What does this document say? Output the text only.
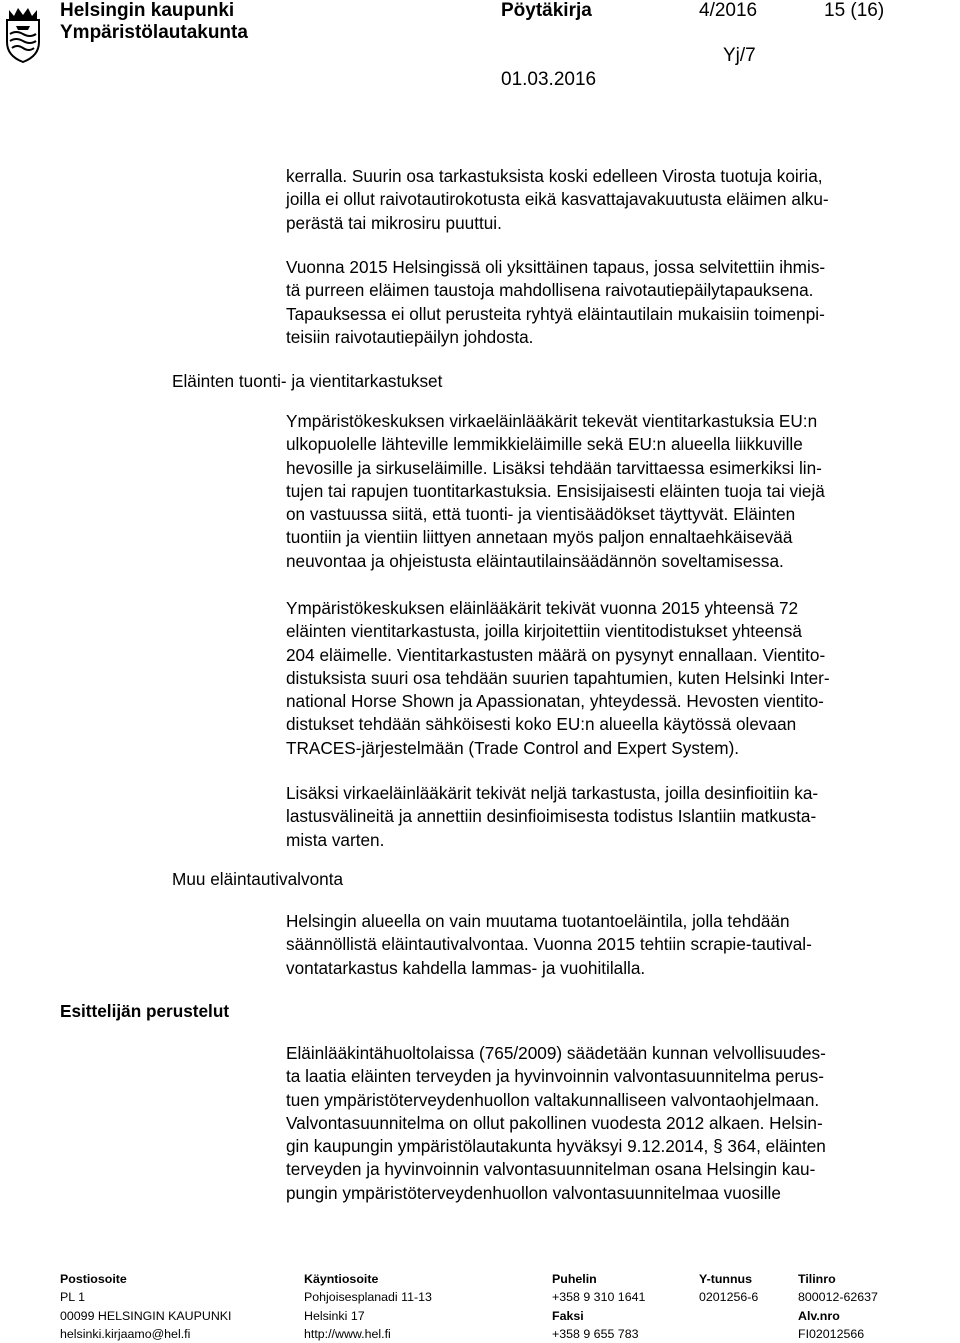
Helsingin kaupunki
Ympäristölautakunta
Pöytäkirja	4/2016	15 (16)
Yj/7
01.03.2016

kerralla. Suurin osa tarkastuksista koski edelleen Virosta tuotuja koiria,
joilla ei ollut raivotautirokotusta eikä kasvattajavakuutusta eläimen alku-
perästä tai mikrosiru puuttui.

Vuonna 2015 Helsingissä oli yksittäinen tapaus, jossa selvitettiin ihmis-
tä purreen eläimen taustoja mahdollisena raivotautiepäilytapauksena.

Tapauksessa ei ollut perusteita ryhtyä eläintautilain mukaisiin toimenpi-
teisiin raivotautiepäilyn johdosta.

Eläinten tuonti- ja vientitarkastukset

Ympäristökeskuksen virkaeläinlääkärit tekevät vientitarkastuksia EU:n
ulkopuolelle lähteville lemmikkieläimille sekä EU:n alueella liikkuville
hevosille ja sirkuseläimille. Lisäksi tehdään tarvittaessa esimerkiksi lin-
tujen tai rapujen tuontitarkastuksia. Ensisijaisesti eläinten tuoja tai viejä
on vastuussa siitä, että tuonti- ja vientisäädökset täyttyvät. Eläinten
tuontiin ja vientiin liittyen annetaan myös paljon ennaltaehkäisevää
neuvontaa ja ohjeistusta eläintautilainsäädännön soveltamisessa.

Ympäristökeskuksen eläinlääkärit tekivät vuonna 2015 yhteensä 72
eläinten vientitarkastusta, joilla kirjoitettiin vientitodistukset yhteensä
204 eläimelle. Vientitarkastusten määrä on pysynyt ennallaan. Vientito-
distuksista suuri osa tehdään suurien tapahtumien, kuten Helsinki Inter-
national Horse Shown ja Apassionatan, yhteydessä. Hevosten vientito-
distukset tehdään sähköisesti koko EU:n alueella käytössä olevaan
TRACES-järjestelmään (Trade Control and Expert System).

Lisäksi virkaeläinlääkärit tekivät neljä tarkastusta, joilla desinfioitiin ka-
lastusvälineitä ja annettiin desinfioimisesta todistus Islantiin matkusta-
mista varten.

Muu eläintautivalvonta

Helsingin alueella on vain muutama tuotantoeläintila, jolla tehdään
säännöllistä eläintautivalvontaa. Vuonna 2015 tehtiin scrapie-tautival-
vontatarkastus kahdella lammas- ja vuohitilalla.

Esittelijän perustelut

Eläinlääkintähuoltolaissa (765/2009) säädetään kunnan velvollisuudes-
ta laatia eläinten terveyden ja hyvinvoinnin valvontasuunnitelma perus-
tuen ympäristöterveydenhuollon valtakunnalliseen valvontaohjelmaan.
Valvontasuunnitelma on ollut pakollinen vuodesta 2012 alkaen. Helsin-
gin kaupungin ympäristölautakunta hyväksyi 9.12.2014, § 364, eläinten
terveyden ja hyvinvoinnin valvontasuunnitelman osana Helsingin kau-
pungin ympäristöterveydenhuollon valvontasuunnitelmaa vuosille

Postiosoite
PL 1
00099 HELSINGIN KAUPUNKI
helsinki.kirjaamo@hel.fi
Käyntiosoite
Pohjoisesplanadi 11-13
Helsinki 17
http://www.hel.fi
Puhelin
+358 9 310 1641
Faksi
+358 9 655 783
Y-tunnus
0201256-6
Tilinro
800012-62637
Alv.nro
FI02012566
